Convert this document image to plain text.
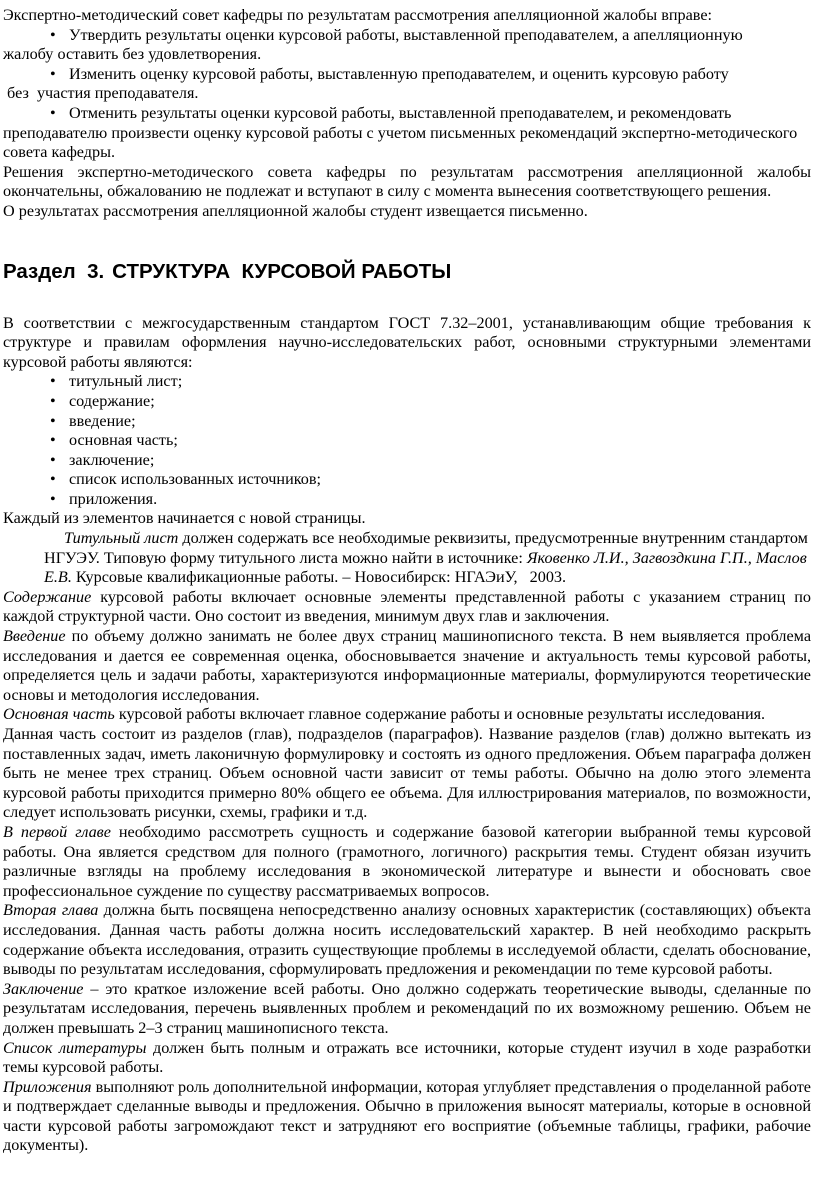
Экспертно-методический совет кафедры по результатам рассмотрения апелляционной жалобы вправе:

• Утвердить результаты оценки курсовой работы, выставленной преподавателем, а апелляционную

жалобу оставить без удовлетворения.

• Изменить оценку курсовой работы, выставленную преподавателем, и оценить курсовую работу

без  участия преподавателя.

• Отменить результаты оценки курсовой работы, выставленной преподавателем, и рекомендовать

преподавателю произвести оценку курсовой работы с учетом письменных рекомендаций экспертно-методического совета кафедры.

Решения экспертно-методического совета кафедры по результатам рассмотрения апелляционной жалобы окончательны, обжалованию не подлежат и вступают в силу с момента вынесения соответствующего решения.

О результатах рассмотрения апелляционной жалобы студент извещается письменно.

Раздел  3. СТРУКТУРА  КУРСОВОЙ РАБОТЫ

В соответствии с межгосударственным стандартом ГОСТ 7.32–2001, устанавливающим общие требования к структуре и правилам оформления научно-исследовательских работ, основными структурными элементами курсовой работы являются:

• титульный лист;
• содержание;
• введение;
• основная часть;
• заключение;
• список использованных источников;
• приложения.

Каждый из элементов начинается с новой страницы.

Титульный лист должен содержать все необходимые реквизиты, предусмотренные внутренним стандартом НГУЭУ. Типовую форму титульного листа можно найти в источнике: Яковенко Л.И., Загвоздкина Г.П., Маслов Е.В. Курсовые квалификационные работы. – Новосибирск: НГАЭиУ,   2003.

Содержание курсовой работы включает основные элементы представленной работы с указанием страниц по каждой структурной части. Оно состоит из введения, минимум двух глав и заключения.

Введение по объему должно занимать не более двух страниц машинописного текста. В нем выявляется проблема исследования и дается ее современная оценка, обосновывается значение и актуальность темы курсовой работы, определяется цель и задачи работы, характеризуются информационные материалы, формулируются теоретические основы и методология исследования.

Основная часть курсовой работы включает главное содержание работы и основные результаты исследования.

Данная часть состоит из разделов (глав), подразделов (параграфов). Название разделов (глав) должно вытекать из поставленных задач, иметь лаконичную формулировку и состоять из одного предложения. Объем параграфа должен быть не менее трех страниц. Объем основной части зависит от темы работы. Обычно на долю этого элемента курсовой работы приходится примерно 80% общего ее объема. Для иллюстрирования материалов, по возможности, следует использовать рисунки, схемы, графики и т.д.

В первой главе необходимо рассмотреть сущность и содержание базовой категории выбранной темы курсовой работы. Она является средством для полного (грамотного, логичного) раскрытия темы. Студент обязан изучить различные взгляды на проблему исследования в экономической литературе и вынести и обосновать свое профессиональное суждение по существу рассматриваемых вопросов.

Вторая глава должна быть посвящена непосредственно анализу основных характеристик (составляющих) объекта исследования. Данная часть работы должна носить исследовательский характер. В ней необходимо раскрыть содержание объекта исследования, отразить существующие проблемы в исследуемой области, сделать обоснование, выводы по результатам исследования, сформулировать предложения и рекомендации по теме курсовой работы.

Заключение – это краткое изложение всей работы. Оно должно содержать теоретические выводы, сделанные по результатам исследования, перечень выявленных проблем и рекомендаций по их возможному решению. Объем не должен превышать 2–3 страниц машинописного текста.

Список литературы должен быть полным и отражать все источники, которые студент изучил в ходе разработки темы курсовой работы.

Приложения выполняют роль дополнительной информации, которая углубляет представления о проделанной работе и подтверждает сделанные выводы и предложения. Обычно в приложения выносят материалы, которые в основной части курсовой работы загромождают текст и затрудняют его восприятие (объемные таблицы, графики, рабочие документы).
